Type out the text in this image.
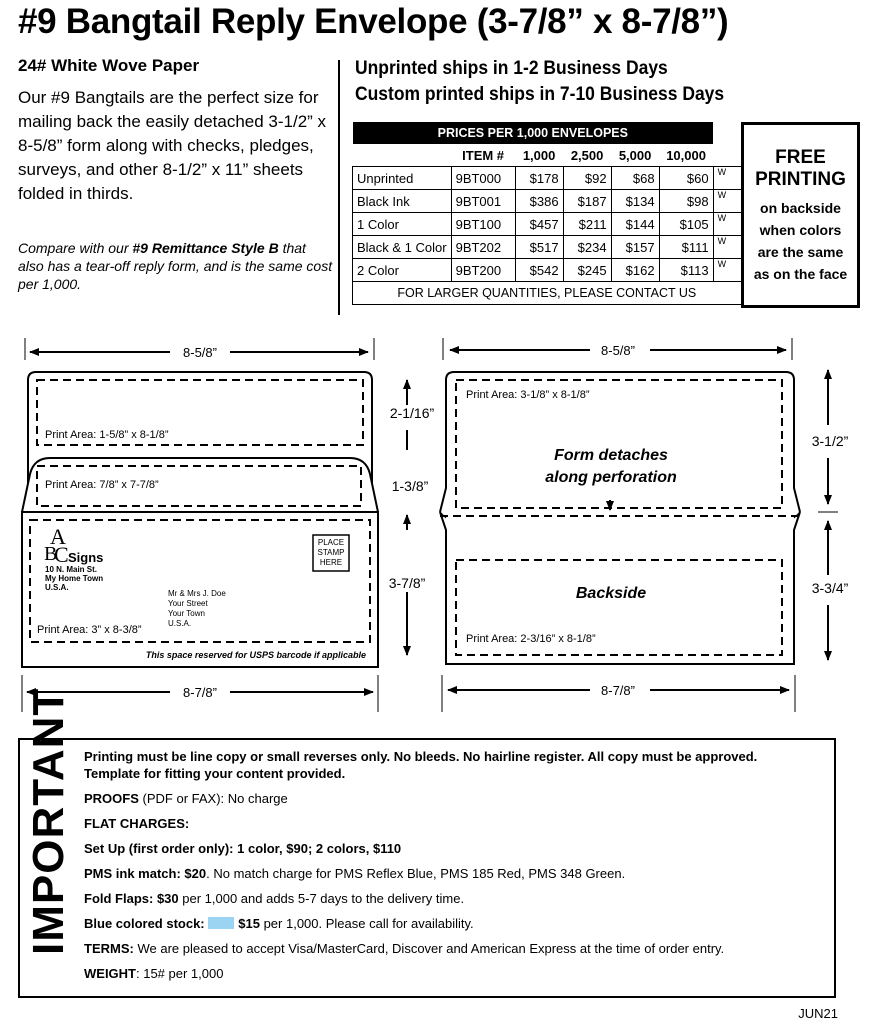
#9 Bangtail Reply Envelope (3-7/8” x 8-7/8”)
24# White Wove Paper
Our #9 Bangtails are the perfect size for mailing back the easily detached 3-1/2” x 8-5/8” form along with checks, pledges, surveys, and other 8-1/2” x 11” sheets folded in thirds.
Compare with our #9 Remittance Style B that also has a tear-off reply form, and is the same cost per 1,000.
Unprinted ships in 1-2 Business Days
Custom printed ships in 7-10 Business Days
PRICES PER 1,000 ENVELOPES						
	ITEM #	1,000	2,500	5,000	10,000	
Unprinted	9BT000	$178	$92	$68	$60	W
Black Ink	9BT001	$386	$187	$134	$98	W
1 Color	9BT100	$457	$211	$144	$105	W
Black & 1 Color	9BT202	$517	$234	$157	$111	W
2 Color	9BT200	$542	$245	$162	$113	W
FOR LARGER QUANTITIES, PLEASE CONTACT US						
FREE
PRINTING
on backside
when colors
are the same
as on the face
8-5/8”
2-1/16”
1-3/8”
3-7/8”
Print Area: 1-5/8” x 8-1/8”
Print Area: 7/8” x 7-7/8”
Print Area: 3” x 8-3/8”
A
B
C Signs
10 N. Main St.
My Home Town
U.S.A.
PLACE
STAMP
HERE
Mr & Mrs J. Doe
Your Street
Your Town
U.S.A.
This space reserved for USPS barcode if applicable
8-7/8”
8-5/8”
3-1/2”
3-3/4”
Print Area: 3-1/8” x 8-1/8”
Form detaches
along perforation
Backside
Print Area: 2-3/16” x 8-1/8”
8-7/8”
IMPORTANT Printing must be line copy or small reverses only. No bleeds. No hairline register. All copy must be approved.
Template for fitting your content provided.

PROOFS (PDF or FAX): No charge

FLAT CHARGES:

Set Up (first order only): 1 color, $90; 2 colors, $110

PMS ink match: $20. No match charge for PMS Reflex Blue, PMS 185 Red, PMS 348 Green.

Fold Flaps: $30 per 1,000 and adds 5-7 days to the delivery time.

Blue colored stock:	$15 per 1,000. Please call for availability.

TERMS: We are pleased to accept Visa/MasterCard, Discover and American Express at the time of order entry.

WEIGHT: 15# per 1,000

JUN21
